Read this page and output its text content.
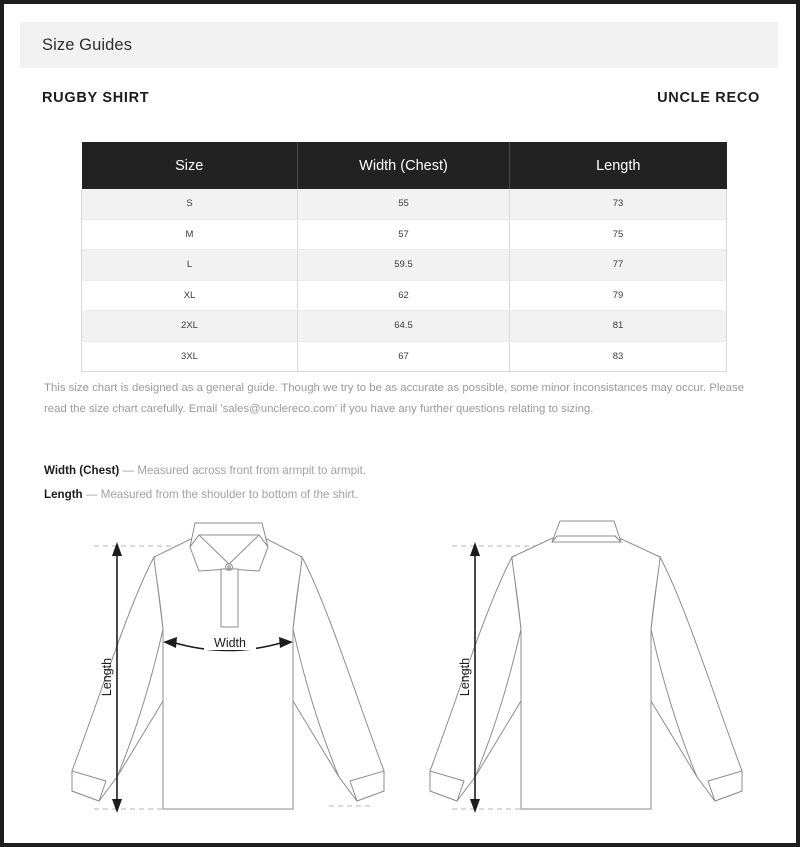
Size Guides
RUGBY SHIRT	UNCLE RECO
Size	Width (Chest)	Length
S	55	73
M	57	75
L	59.5	77
XL	62	79
2XL	64.5	81
3XL	67	83
This size chart is designed as a general guide. Though we try to be as accurate as possible, some minor inconsistances may occur. Please read the size chart carefully. Email 'sales@unclereco.com' if you have any further questions relating to sizing.
Width (Chest) — Measured across front from armpit to armpit.
Length — Measured from the shoulder to bottom of the shirt.
Length
Width
Length
